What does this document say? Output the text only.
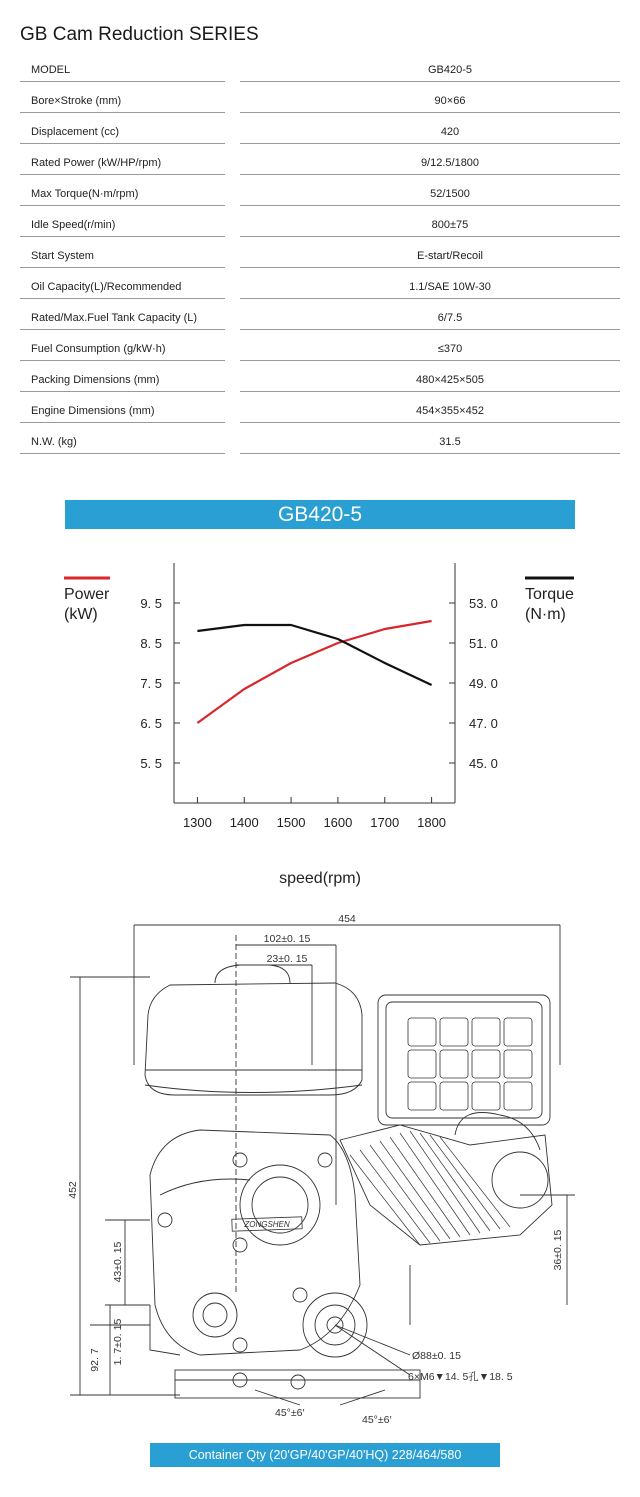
GB Cam Reduction SERIES
MODEL	GB420-5
Bore×Stroke (mm)	90×66
Displacement (cc)	420
Rated Power (kW/HP/rpm)	9/12.5/1800
Max Torque(N·m/rpm)	52/1500
Idle Speed(r/min)	800±75
Start System	E-start/Recoil
Oil Capacity(L)/Recommended	1.1/SAE 10W-30
Rated/Max.Fuel Tank Capacity (L)	6/7.5
Fuel Consumption (g/kW·h)	≤370
Packing Dimensions (mm)	480×425×505
Engine Dimensions (mm)	454×355×452
N.W. (kg)	31.5
GB420-5
9. 5
8. 5
7. 5
6. 5
5. 5
53. 0
51. 0
49. 0
47. 0
45. 0
1300 1400 1500 1600 1700 1800
Power
(kW)
Torque
(N·m)
speed(rpm)
ZONGSHEN
454
102±0. 15
23±0. 15
452
43±0. 15	36±0. 15
92. 7 1. 7±0. 15	Ø88±0. 15
6×M6▼14. 5孔▼18. 5
45°±6′
45°±6′
Container Qty (20'GP/40'GP/40'HQ) 228/464/580
